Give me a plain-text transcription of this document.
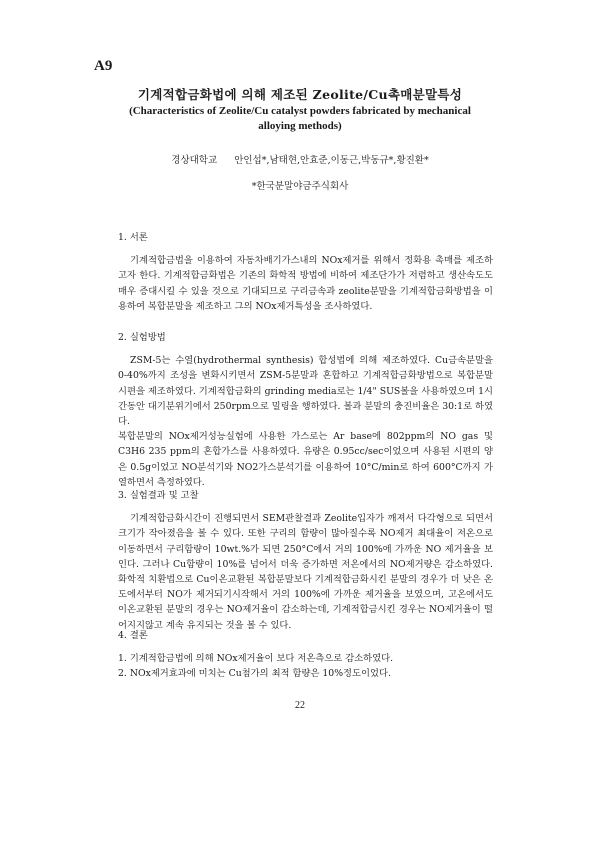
A9
기계적합금화법에 의해 제조된 Zeolite/Cu촉매분말특성
(Characteristics of Zeolite/Cu catalyst powders fabricated by mechanical alloying methods)
경상대학교 안인섭*,남태현,안효준,이동근,박동규*,황진환*
*한국분말야금주식회사

1. 서론

기계적합금법을 이용하여 자동차배기가스내의 NOx제거를 위해서 정화용 촉매를 제조하고자 한다. 기계적합금화법은 기존의 화학적 방법에 비하여 제조단가가 저렴하고 생산속도도 매우 증대시킬 수 있을 것으로 기대되므로 구리금속과 zeolite분말을 기계적합금화방법을 이용하여 복합분말을 제조하고 그의 NOx제거특성을 조사하였다.

2. 실험방법

ZSM-5는 수열(hydrothermal synthesis) 합성법에 의해 제조하였다. Cu금속분말을 0-40%까지 조성을 변화시키면서 ZSM-5분말과 혼합하고 기계적합금화방법으로 복합분말시편을 제조하였다. 기계적합금화의 grinding media로는 1/4" SUS볼을 사용하였으며 1시간동안 대기분위기에서 250rpm으로 밀링을 행하였다. 볼과 분말의 충진비율은 30:1로 하였다.

복합분말의 NOx제거성능실험에 사용한 가스로는 Ar base에 802ppm의 NO gas 및 C3H6 235 ppm의 혼합가스를 사용하였다. 유량은 0.95cc/sec이었으며 사용된 시편의 양은 0.5g이었고 NO분석기와 NO2가스분석기를 이용하여 10°C/min로 하여 600°C까지 가열하면서 측정하였다.

3. 실험결과 및 고찰

기계적합금화시간이 진행되면서 SEM관찰결과 Zeolite입자가 깨져서 다각형으로 되면서 크기가 작아졌음을 볼 수 있다. 또한 구리의 함량이 많아질수록 NO제거 최대율이 저온으로 이동하면서 구리함량이 10wt.%가 되면 250°C에서 거의 100%에 가까운 NO 제거율을 보인다. 그러나 Cu함량이 10%를 넘어서 더욱 증가하면 저온에서의 NO제거량은 감소하였다. 화학적 치환법으로 Cu이온교환된 복합분말보다 기계적합금화시킨 분말의 경우가 더 낮은 온도에서부터 NO가 제거되기시작해서 거의 100%에 가까운 제거율을 보였으며, 고온에서도 이온교환된 분말의 경우는 NO제거율이 감소하는데, 기계적합금시킨 경우는 NO제거율이 떨어지지않고 계속 유지되는 것을 볼 수 있다.

4. 결론

1. 기계적합금법에 의해 NOx제거율이 보다 저온측으로 감소하였다.

2. NOx제거효과에 미치는 Cu첨가의 최적 함량은 10%정도이었다.

22
